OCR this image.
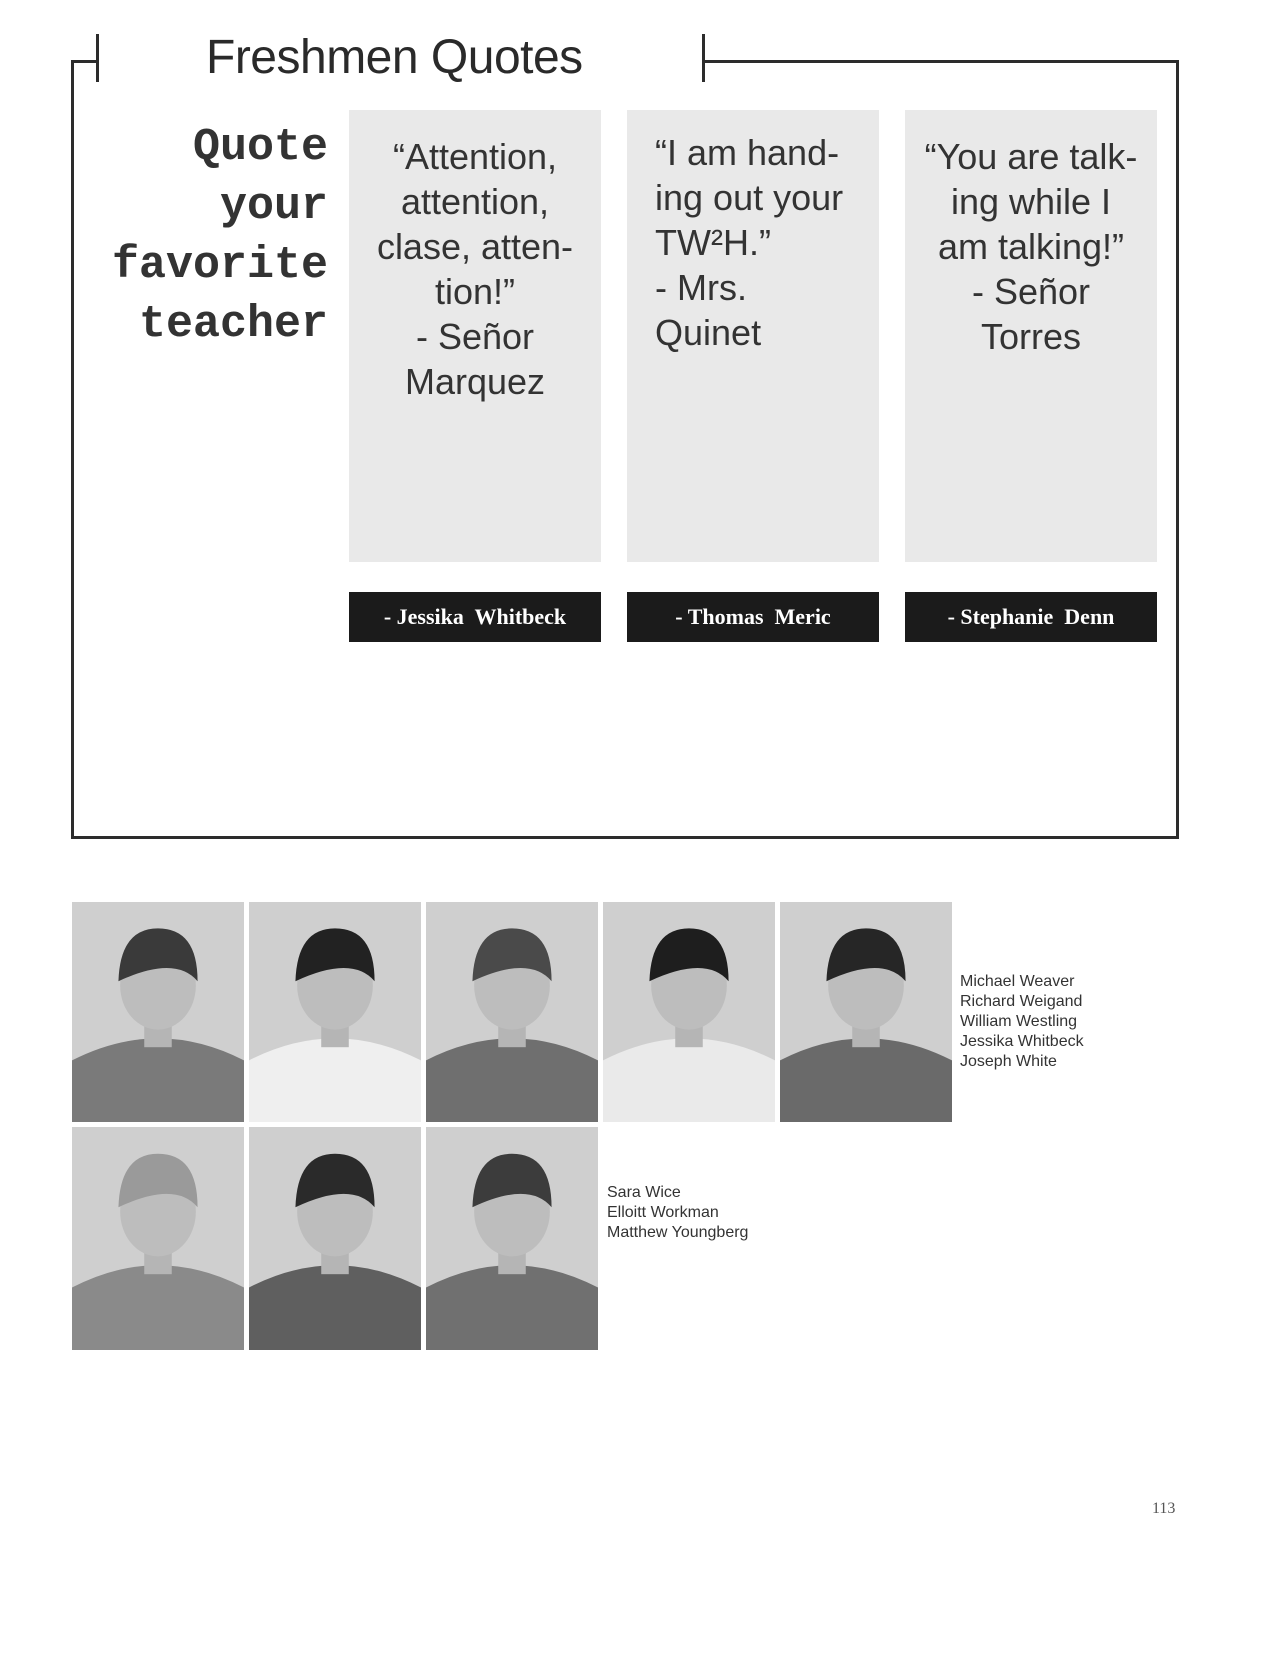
Freshmen Quotes
Quote
your
favorite
teacher
“Attention,
attention,
clase, atten-
tion!”
- Señor
Marquez
“I am hand-
ing out your
TW²H.”
- Mrs.
Quinet
“You are talk-
ing while I
am talking!”
- Señor
Torres
- Jessika  Whitbeck	- Thomas  Meric	- Stephanie  Denn
Michael Weaver
Richard Weigand
William Westling
Jessika Whitbeck
Joseph White
Sara Wice
Elloitt Workman
Matthew Youngberg
113
